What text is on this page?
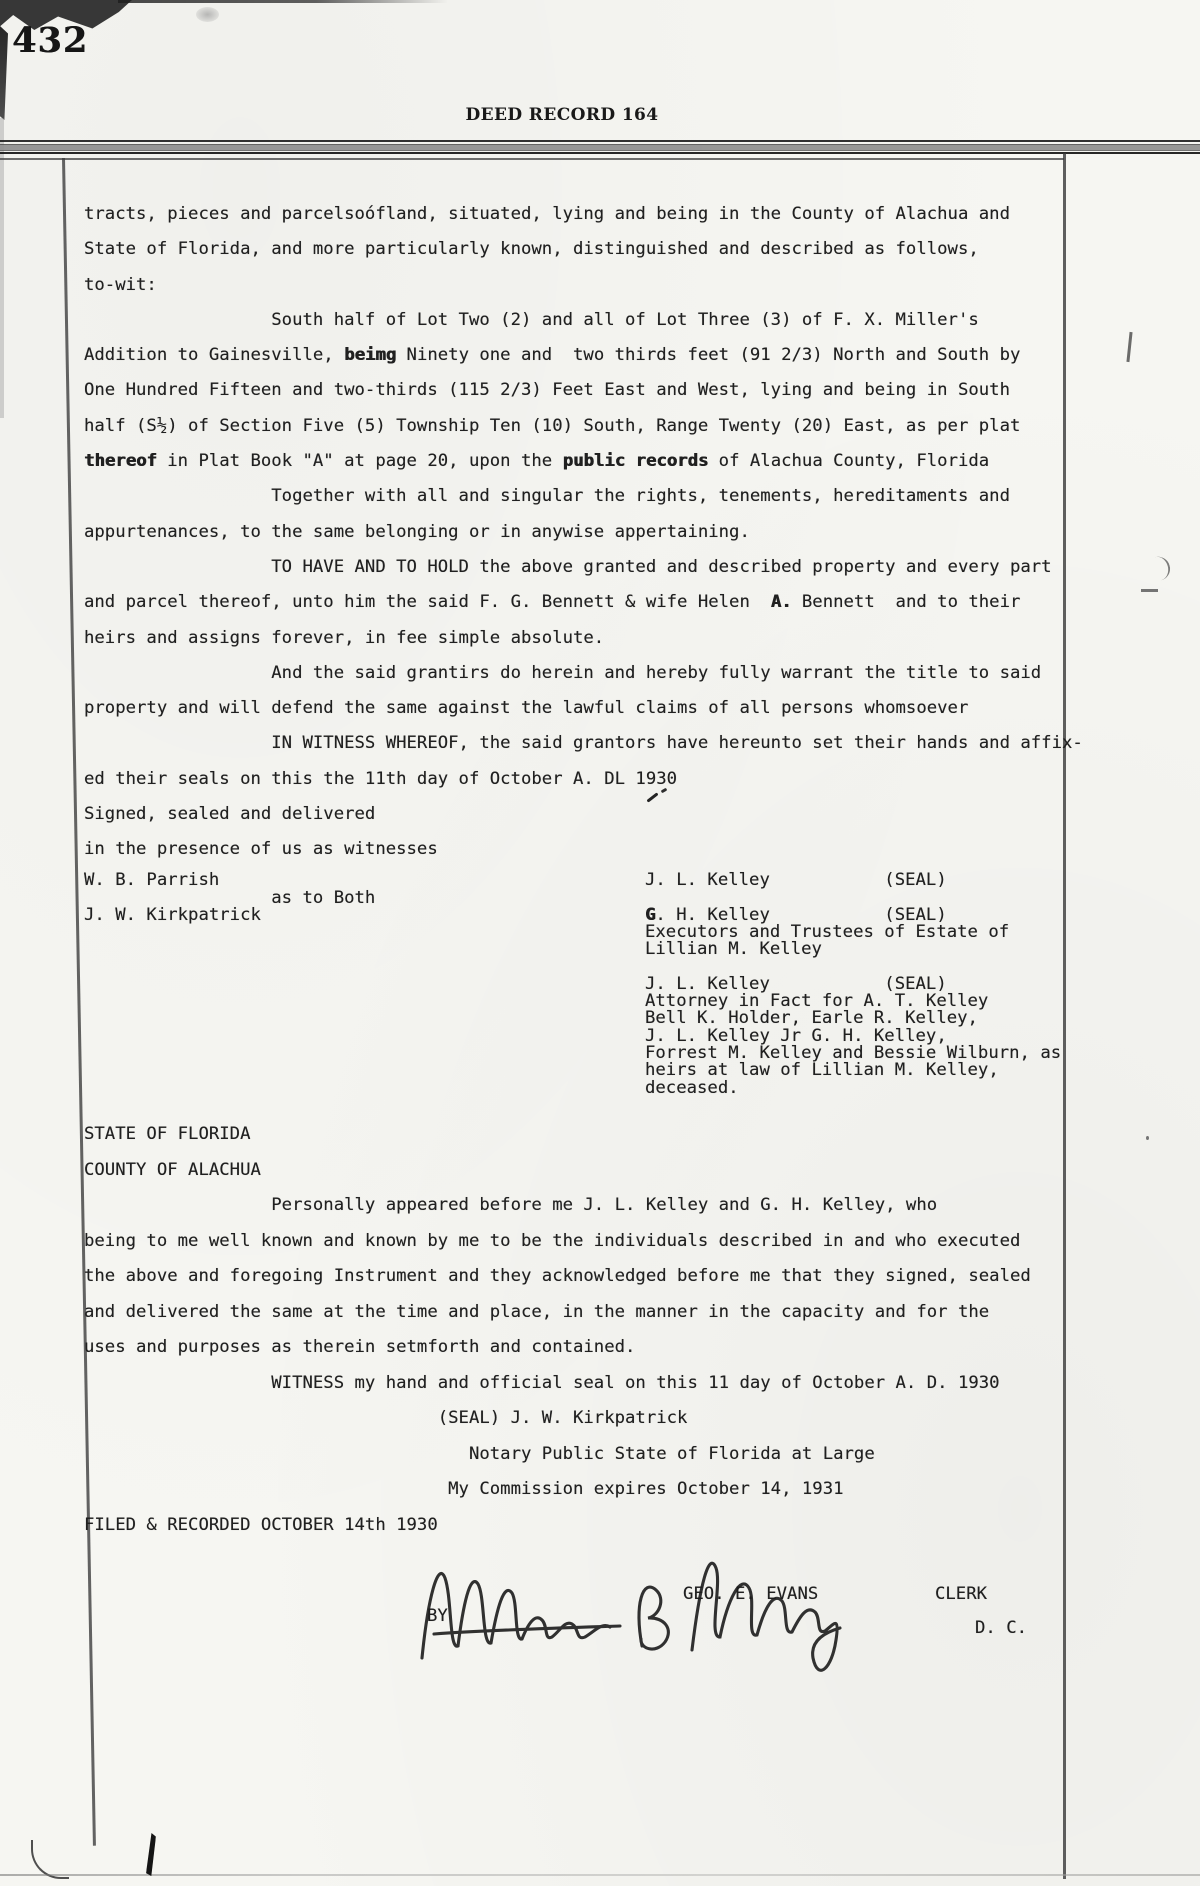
432
DEED RECORD 164
tracts, pieces and parcelsoófland, situated, lying and being in the County of Alachua and
State of Florida, and more particularly known, distinguished and described as follows,
to-wit:
South half of Lot Two (2) and all of Lot Three (3) of F. X. Miller's
Addition to Gainesville, beimg Ninety one and  two thirds feet (91 2/3) North and South by
One Hundred Fifteen and two-thirds (115 2/3) Feet East and West, lying and being in South
half (S½) of Section Five (5) Township Ten (10) South, Range Twenty (20) East, as per plat
thereof in Plat Book "A" at page 20, upon the public records of Alachua County, Florida
Together with all and singular the rights, tenements, hereditaments and
appurtenances, to the same belonging or in anywise appertaining.
TO HAVE AND TO HOLD the above granted and described property and every part
and parcel thereof, unto him the said F. G. Bennett & wife Helen  A. Bennett  and to their
heirs and assigns forever, in fee simple absolute.
And the said grantirs do herein and hereby fully warrant the title to said
property and will defend the same against the lawful claims of all persons whomsoever
IN WITNESS WHEREOF, the said grantors have hereunto set their hands and affix-
ed their seals on this the 11th day of October A. DL 1930
Signed, sealed and delivered
in the presence of us as witnesses
W. B. Parrish
as to Both
J. W. Kirkpatrick
J. L. Kelley           (SEAL)

G. H. Kelley           (SEAL)
Executors and Trustees of Estate of
Lillian M. Kelley

J. L. Kelley           (SEAL)
Attorney in Fact for A. T. Kelley
Bell K. Holder, Earle R. Kelley,
J. L. Kelley Jr G. H. Kelley,
Forrest M. Kelley and Bessie Wilburn, as
heirs at law of Lillian M. Kelley,
deceased.
STATE OF FLORIDA
COUNTY OF ALACHUA
Personally appeared before me J. L. Kelley and G. H. Kelley, who
being to me well known and known by me to be the individuals described in and who executed
the above and foregoing Instrument and they acknowledged before me that they signed, sealed
and delivered the same at the time and place, in the manner in the capacity and for the
uses and purposes as therein setmforth and contained.
WITNESS my hand and official seal on this 11 day of October A. D. 1930
(SEAL) J. W. Kirkpatrick
Notary Public State of Florida at Large
My Commission expires October 14, 1931
FILED & RECORDED OCTOBER 14th 1930
BY
GEO. E. EVANS	CLERK
D. C.
